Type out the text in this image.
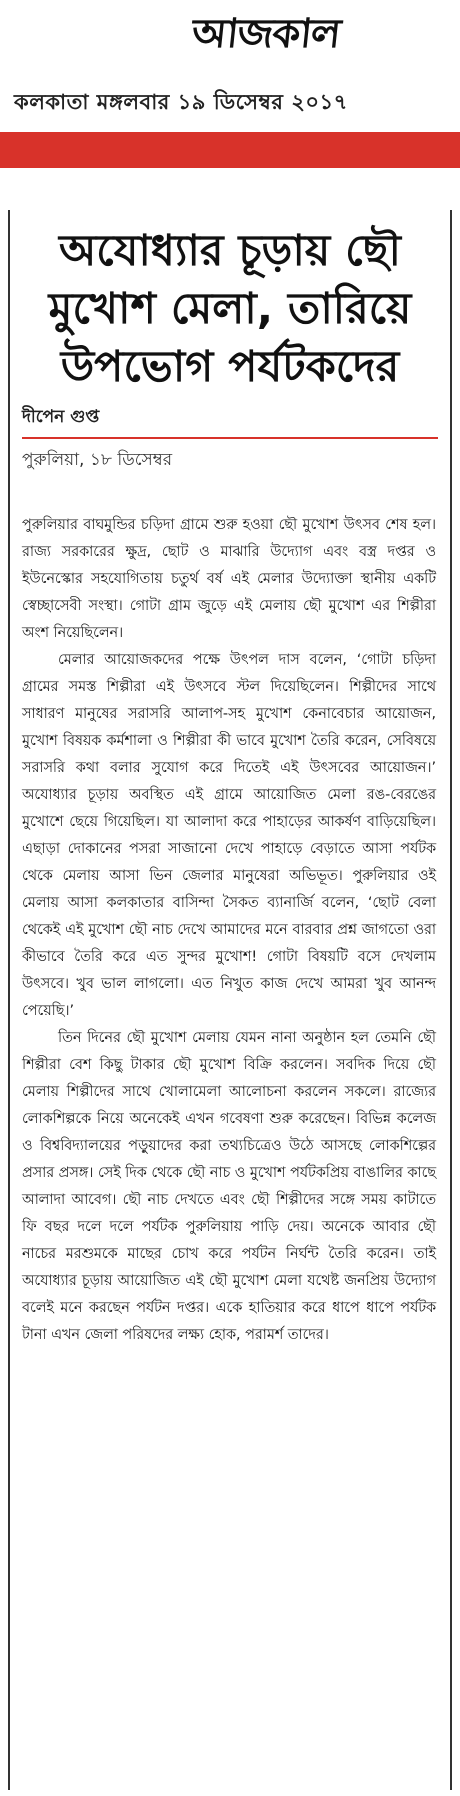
আজকাল
কলকাতা মঙ্গলবার ১৯ ডিসেম্বর ২০১৭
অযোধ্যার চূড়ায় ছৌ মুখোশ মেলা, তারিয়ে উপভোগ পর্যটকদের
দীপেন গুপ্ত
পুরুলিয়া, ১৮ ডিসেম্বর

পুরুলিয়ার বাঘমুন্ডির চড়িদা গ্রামে শুরু হওয়া ছৌ মুখোশ উৎসব শেষ হল। রাজ্য সরকারের ক্ষুদ্র, ছোট ও মাঝারি উদ্যোগ এবং বস্ত্র দপ্তর ও ইউনেস্কোর সহযোগিতায় চতুর্থ বর্ষ এই মেলার উদ্যোক্তা স্থানীয় একটি স্বেচ্ছাসেবী সংস্থা। গোটা গ্রাম জুড়ে এই মেলায় ছৌ মুখোশ এর শিল্পীরা অংশ নিয়েছিলেন।

মেলার আয়োজকদের পক্ষে উৎপল দাস বলেন, ‘গোটা চড়িদা গ্রামের সমস্ত শিল্পীরা এই উৎসবে স্টল দিয়েছিলেন। শিল্পীদের সাথে সাধারণ মানুষের সরাসরি আলাপ-সহ মুখোশ কেনাবেচার আয়োজন, মুখোশ বিষয়ক কর্মশালা ও শিল্পীরা কী ভাবে মুখোশ তৈরি করেন, সেবিষয়ে সরাসরি কথা বলার সুযোগ করে দিতেই এই উৎসবের আয়োজন।’ অযোধ্যার চূড়ায় অবস্থিত এই গ্রামে আয়োজিত মেলা রঙ-বেরঙের মুখোশে ছেয়ে গিয়েছিল। যা আলাদা করে পাহাড়ের আকর্ষণ বাড়িয়েছিল। এছাড়া দোকানের পসরা সাজানো দেখে পাহাড়ে বেড়াতে আসা পর্যটক থেকে মেলায় আসা ভিন জেলার মানুষেরা অভিভূত। পুরুলিয়ার ওই মেলায় আসা কলকাতার বাসিন্দা সৈকত ব্যানার্জি বলেন, ‘ছোট বেলা থেকেই এই মুখোশ ছৌ নাচ দেখে আমাদের মনে বারবার প্রশ্ন জাগতো ওরা কীভাবে তৈরি করে এত সুন্দর মুখোশ! গোটা বিষয়টি বসে দেখলাম উৎসবে। খুব ভাল লাগলো। এত নিখুত কাজ দেখে আমরা খুব আনন্দ পেয়েছি।’

তিন দিনের ছৌ মুখোশ মেলায় যেমন নানা অনুষ্ঠান হল তেমনি ছৌ শিল্পীরা বেশ কিছু টাকার ছৌ মুখোশ বিক্রি করলেন। সবদিক দিয়ে ছৌ মেলায় শিল্পীদের সাথে খোলামেলা আলোচনা করলেন সকলে। রাজ্যের লোকশিল্পকে নিয়ে অনেকেই এখন গবেষণা শুরু করেছেন। বিভিন্ন কলেজ ও বিশ্ববিদ্যালয়ের পড়ুয়াদের করা তথ্যচিত্রেও উঠে আসছে লোকশিল্পের প্রসার প্রসঙ্গ। সেই দিক থেকে ছৌ নাচ ও মুখোশ পর্যটকপ্রিয় বাঙালির কাছে আলাদা আবেগ। ছৌ নাচ দেখতে এবং ছৌ শিল্পীদের সঙ্গে সময় কাটাতে ফি বছর দলে দলে পর্যটক পুরুলিয়ায় পাড়ি দেয়। অনেকে আবার ছৌ নাচের মরশুমকে মাছের চোখ করে পর্যটন নির্ঘন্ট তৈরি করেন। তাই অযোধ্যার চূড়ায় আয়োজিত এই ছৌ মুখোশ মেলা যথেষ্ট জনপ্রিয় উদ্যোগ বলেই মনে করছেন পর্যটন দপ্তর। একে হাতিয়ার করে ধাপে ধাপে পর্যটক টানা এখন জেলা পরিষদের লক্ষ্য হোক, পরামর্শ তাদের।
